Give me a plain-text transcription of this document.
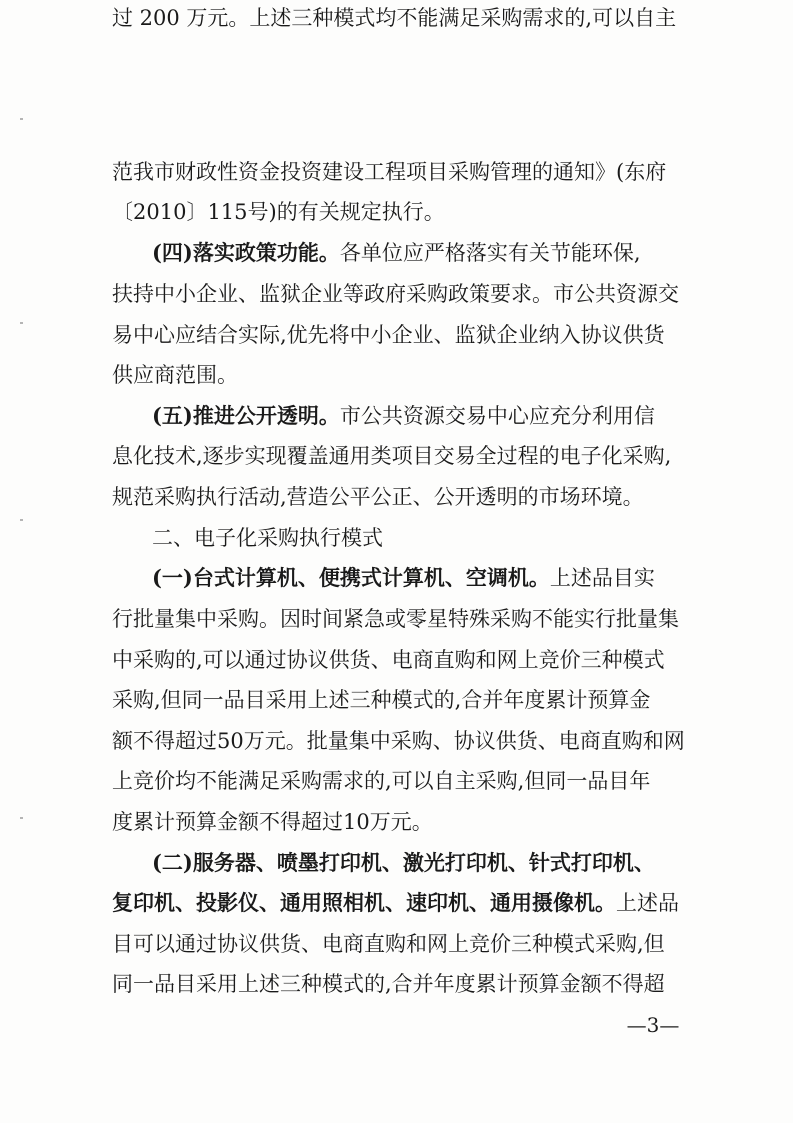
范我市财政性资金投资建设工程项目采购管理的通知》(东府
〔2010〕115号)的有关规定执行。
(四)落实政策功能。各单位应严格落实有关节能环保,
扶持中小企业、监狱企业等政府采购政策要求。市公共资源交
易中心应结合实际,优先将中小企业、监狱企业纳入协议供货
供应商范围。
(五)推进公开透明。市公共资源交易中心应充分利用信
息化技术,逐步实现覆盖通用类项目交易全过程的电子化采购,
规范采购执行活动,营造公平公正、公开透明的市场环境。
二、电子化采购执行模式
(一)台式计算机、便携式计算机、空调机。上述品目实
行批量集中采购。因时间紧急或零星特殊采购不能实行批量集
中采购的,可以通过协议供货、电商直购和网上竞价三种模式
采购,但同一品目采用上述三种模式的,合并年度累计预算金
额不得超过50万元。批量集中采购、协议供货、电商直购和网
上竞价均不能满足采购需求的,可以自主采购,但同一品目年
度累计预算金额不得超过10万元。
(二)服务器、喷墨打印机、激光打印机、针式打印机、
复印机、投影仪、通用照相机、速印机、通用摄像机。上述品
目可以通过协议供货、电商直购和网上竞价三种模式采购,但
同一品目采用上述三种模式的,合并年度累计预算金额不得超
过 200 万元。上述三种模式均不能满足采购需求的,可以自主
—3—
